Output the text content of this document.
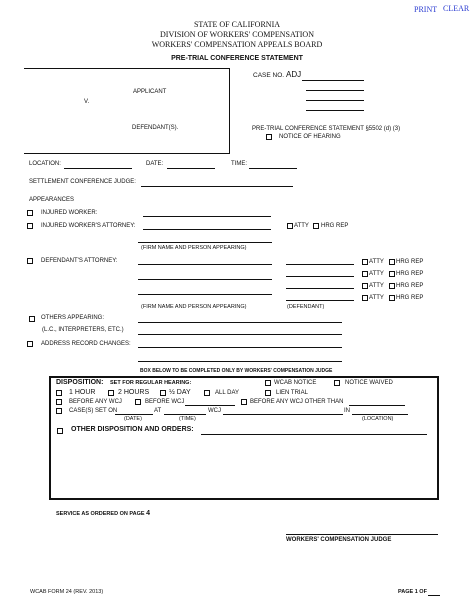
PRINT CLEAR
STATE OF CALIFORNIA
DIVISION OF WORKERS' COMPENSATION
WORKERS' COMPENSATION APPEALS BOARD
PRE-TRIAL CONFERENCE STATEMENT
APPLICANT
V.
DEFENDANT(S).
CASE NO. ADJ
PRE-TRIAL CONFERENCE STATEMENT §5502 (d) (3)
NOTICE OF HEARING
LOCATION:	DATE:	TIME:
SETTLEMENT CONFERENCE JUDGE:
APPEARANCES
INJURED WORKER:
INJURED WORKER'S ATTORNEY:	ATTY HRG REP
(FIRM NAME AND PERSON APPEARING)
DEFENDANT'S ATTORNEY:	ATTY HRG REP
ATTY HRG REP
ATTY HRG REP
ATTY HRG REP
(FIRM NAME AND PERSON APPEARING)	(DEFENDANT)
OTHERS APPEARING:
(L.C., INTERPRETERS, ETC.)
ADDRESS RECORD CHANGES:
BOX BELOW TO BE COMPLETED ONLY BY WORKERS' COMPENSATION JUDGE
DISPOSITION: SET FOR REGULAR HEARING:	WCAB NOTICE	NOTICE WAIVED
1 HOUR	2 HOURS	½ DAY	ALL DAY	LIEN TRIAL
BEFORE ANY WCJ	BEFORE WCJ	BEFORE ANY WCJ OTHER THAN
CASE(S) SET ON	AT	WCJ	IN
(DATE)	(TIME)	(LOCATION)
OTHER DISPOSITION AND ORDERS:
SERVICE AS ORDERED ON PAGE 4
WORKERS' COMPENSATION JUDGE
WCAB FORM 24 (REV. 2013)	PAGE 1 OF
